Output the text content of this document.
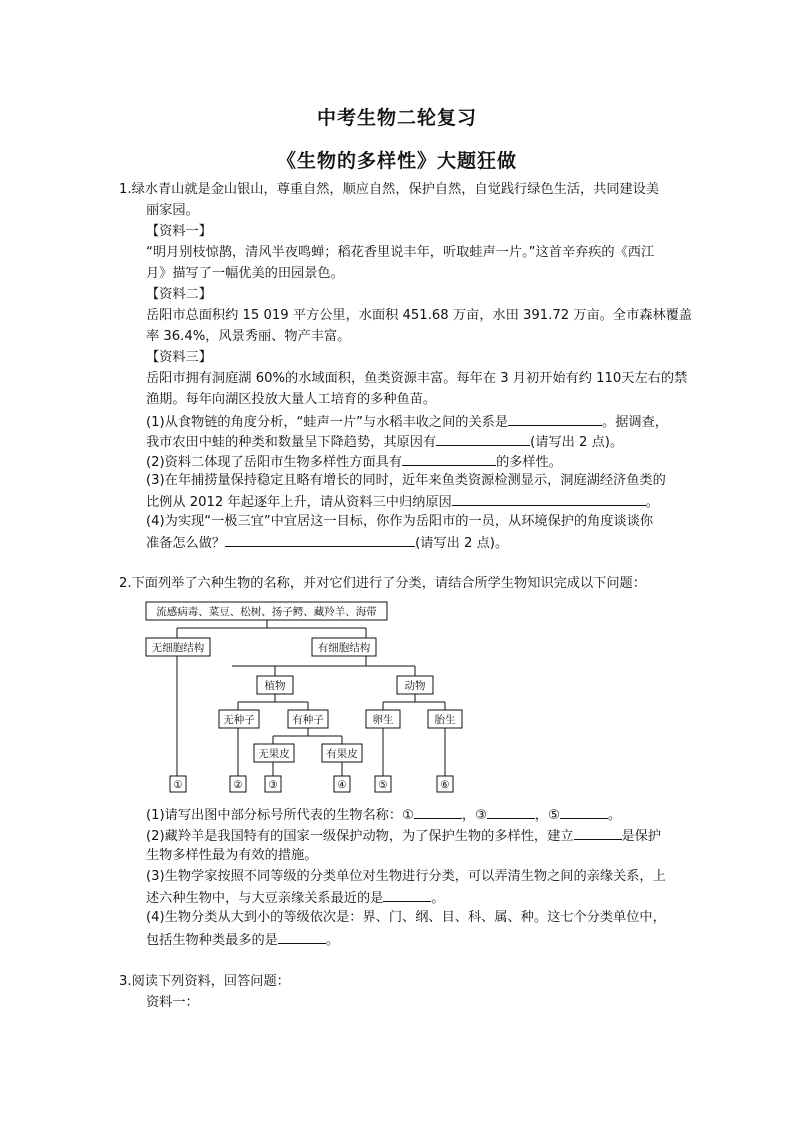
中考生物二轮复习
《生物的多样性》大题狂做
1.绿水青山就是金山银山，尊重自然，顺应自然，保护自然，自觉践行绿色生活，共同建设美
丽家园。
【资料一】
“明月别枝惊鹊，清风半夜鸣蝉；稻花香里说丰年，听取蛙声一片。”这首辛弃疾的《西江
月》描写了一幅优美的田园景色。
【资料二】
岳阳市总面积约 15 019 平方公里，水面积 451.68 万亩，水田 391.72 万亩。全市森林覆盖
率 36.4%，风景秀丽、物产丰富。
【资料三】
岳阳市拥有洞庭湖 60%的水域面积，鱼类资源丰富。每年在 3 月初开始有约 110天左右的禁
渔期。每年向湖区投放大量人工培育的多种鱼苗。
(1)从食物链的角度分析，“蛙声一片”与水稻丰收之间的关系是	。据调查，
我市农田中蛙的种类和数量呈下降趋势，其原因有	(请写出 2 点)。
(2)资料二体现了岳阳市生物多样性方面具有	的多样性。
(3)在年捕捞量保持稳定且略有增长的同时，近年来鱼类资源检测显示，洞庭湖经济鱼类的
比例从 2012 年起逐年上升，请从资料三中归纳原因	。
(4)为实现“一极三宜”中宜居这一目标，你作为岳阳市的一员，从环境保护的角度谈谈你
准备怎么做？	(请写出 2 点)。
2.下面列举了六种生物的名称，并对它们进行了分类，请结合所学生物知识完成以下问题：
流感病毒、菜豆、松树、扬子鳄、藏羚羊、海带
无细胞结构	有细胞结构
植物	动物
无种子	有种子	卵生	胎生
无果皮	有果皮
①	② ③	④	⑤	⑥
(1)请写出图中部分标号所代表的生物名称：①	，③	，⑤	。
(2)藏羚羊是我国特有的国家一级保护动物，为了保护生物的多样性，建立	是保护
生物多样性最为有效的措施。
(3)生物学家按照不同等级的分类单位对生物进行分类，可以弄清生物之间的亲缘关系，上
述六种生物中，与大豆亲缘关系最近的是	。
(4)生物分类从大到小的等级依次是：界、门、纲、目、科、属、种。这七个分类单位中，
包括生物种类最多的是	。
3.阅读下列资料，回答问题：
资料一：
